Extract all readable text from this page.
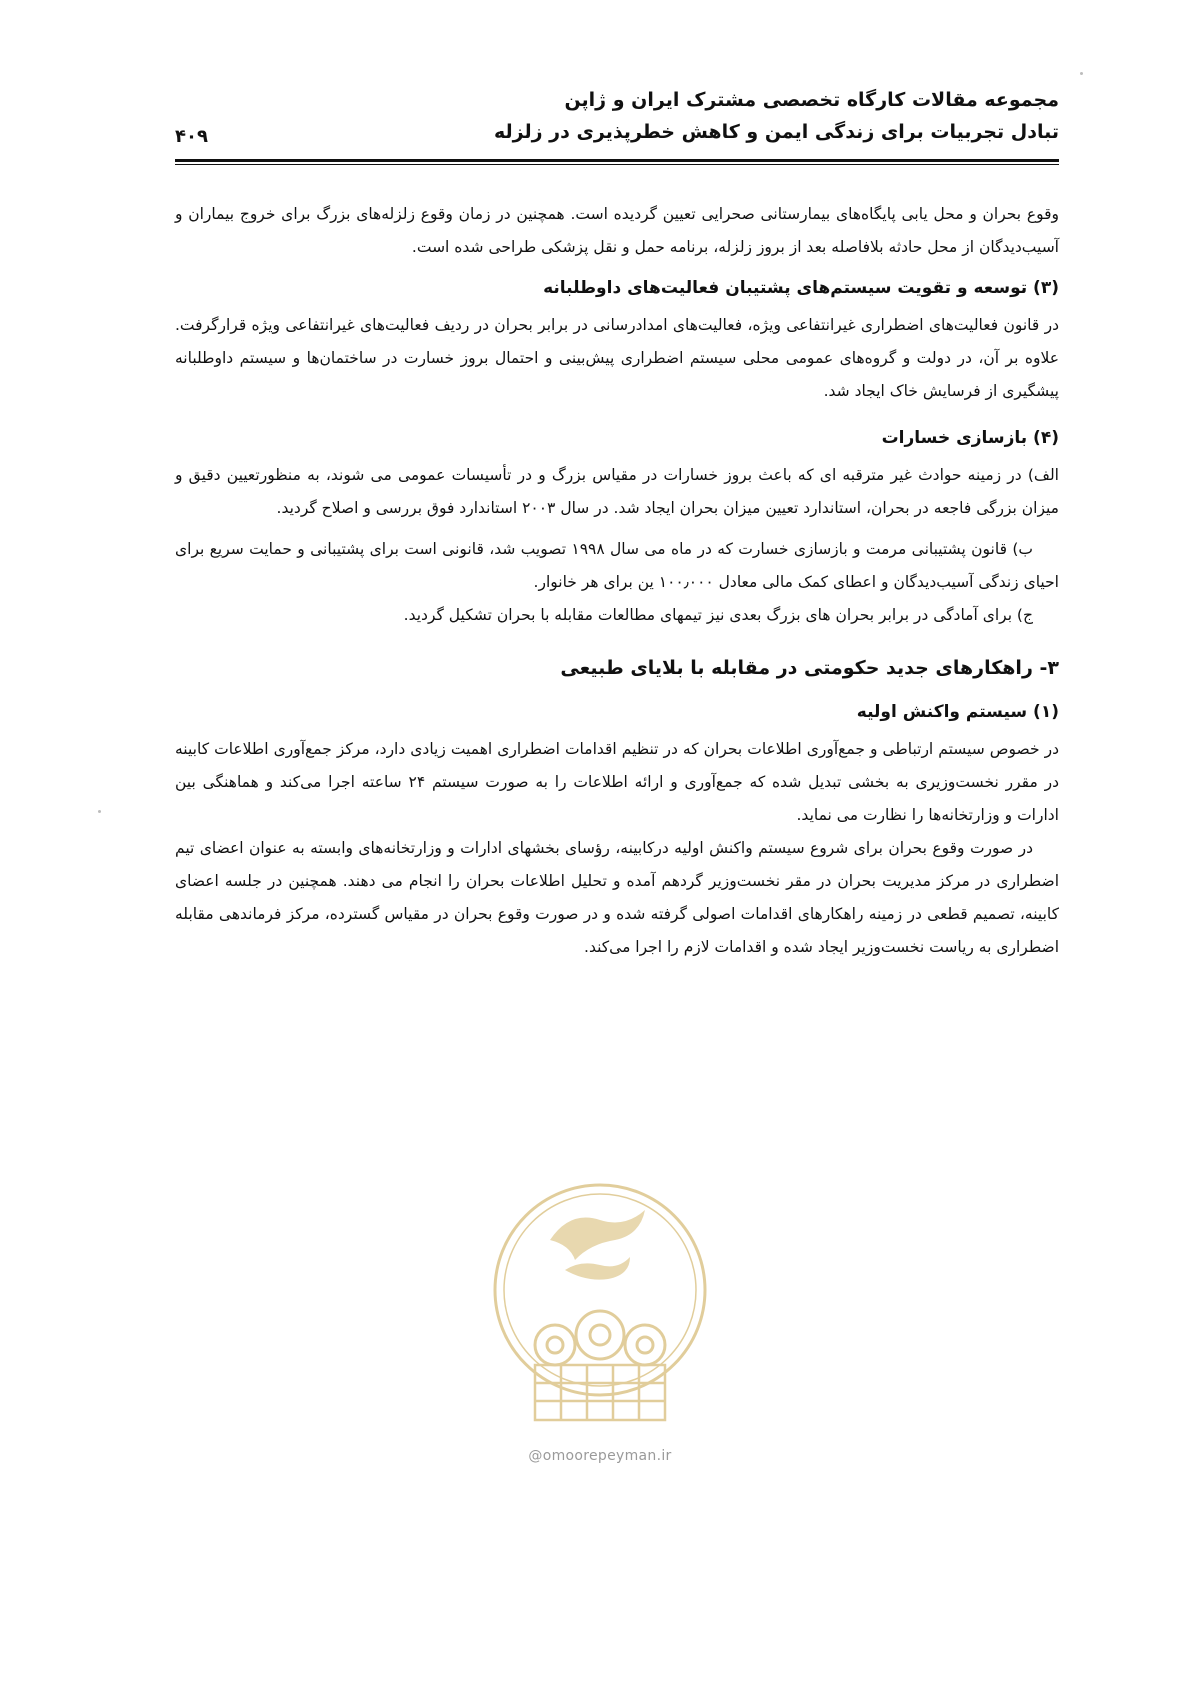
مجموعه مقالات کارگاه تخصصی مشترک ایران و ژاپن
تبادل تجربیات برای زندگی ایمن و کاهش خطرپذیری در زلزله
۴۰۹

وقوع بحران و محل یابی پایگاه‌های بیمارستانی صحرایی تعیین گردیده است. همچنین در زمان وقوع زلزله‌های بزرگ برای خروج بیماران و آسیب‌دیدگان از محل حادثه بلافاصله بعد از بروز زلزله، برنامه حمل و نقل پزشکی طراحی شده است.

(۳) توسعه و تقویت سیستم‌های پشتیبان فعالیت‌های داوطلبانه

در قانون فعالیت‌های اضطراری غیرانتفاعی ویژه، فعالیت‌های امدادرسانی در برابر بحران در ردیف فعالیت‌های غیرانتفاعی ویژه قرارگرفت. علاوه بر آن، در دولت و گروه‌های عمومی محلی سیستم اضطراری پیش‌بینی و احتمال بروز خسارت در ساختمان‌ها و سیستم داوطلبانه پیشگیری از فرسایش خاک ایجاد شد.

(۴) بازسازی خسارات

الف) در زمینه حوادث غیر مترقبه ای که باعث بروز خسارات در مقیاس بزرگ و در تأسیسات عمومی می شوند، به منظورتعیین دقیق و میزان بزرگی فاجعه در بحران، استاندارد تعیین میزان بحران ایجاد شد. در سال ۲۰۰۳ استاندارد فوق بررسی و اصلاح گردید.

ب) قانون پشتیبانی مرمت و بازسازی خسارت که در ماه می سال ۱۹۹۸ تصویب شد، قانونی است برای پشتیبانی و حمایت سریع برای احیای زندگی آسیب‌دیدگان و اعطای کمک مالی معادل ۱۰۰٫۰۰۰ ین برای هر خانوار.

ج) برای آمادگی در برابر بحران های بزرگ بعدی نیز تیمهای مطالعات مقابله با بحران تشکیل گردید.

۳- راهکارهای جدید حکومتی در مقابله با بلایای طبیعی
(۱) سیستم واکنش اولیه

در خصوص سیستم ارتباطی و جمع‌آوری اطلاعات بحران که در تنظیم اقدامات اضطراری اهمیت زیادی دارد، مرکز جمع‌آوری اطلاعات کابینه در مقرر نخست‌وزیری به بخشی تبدیل شده که جمع‌آوری و ارائه اطلاعات را به صورت سیستم ۲۴ ساعته اجرا می‌کند و هماهنگی بین ادارات و وزارتخانه‌ها را نظارت می نماید.

در صورت وقوع بحران برای شروع سیستم واکنش اولیه درکابینه، رؤسای بخشهای ادارات و وزارتخانه‌های وابسته به عنوان اعضای تیم اضطراری در مرکز مدیریت بحران در مقر نخست‌وزیر گردهم آمده و تحلیل اطلاعات بحران را انجام می دهند. همچنین در جلسه اعضای کابینه، تصمیم قطعی در زمینه راهکارهای اقدامات اصولی گرفته شده و در صورت وقوع بحران در مقیاس گسترده، مرکز فرماندهی مقابله اضطراری به ریاست نخست‌وزیر ایجاد شده و اقدامات لازم را اجرا می‌کند.

@omoorepeyman.ir
